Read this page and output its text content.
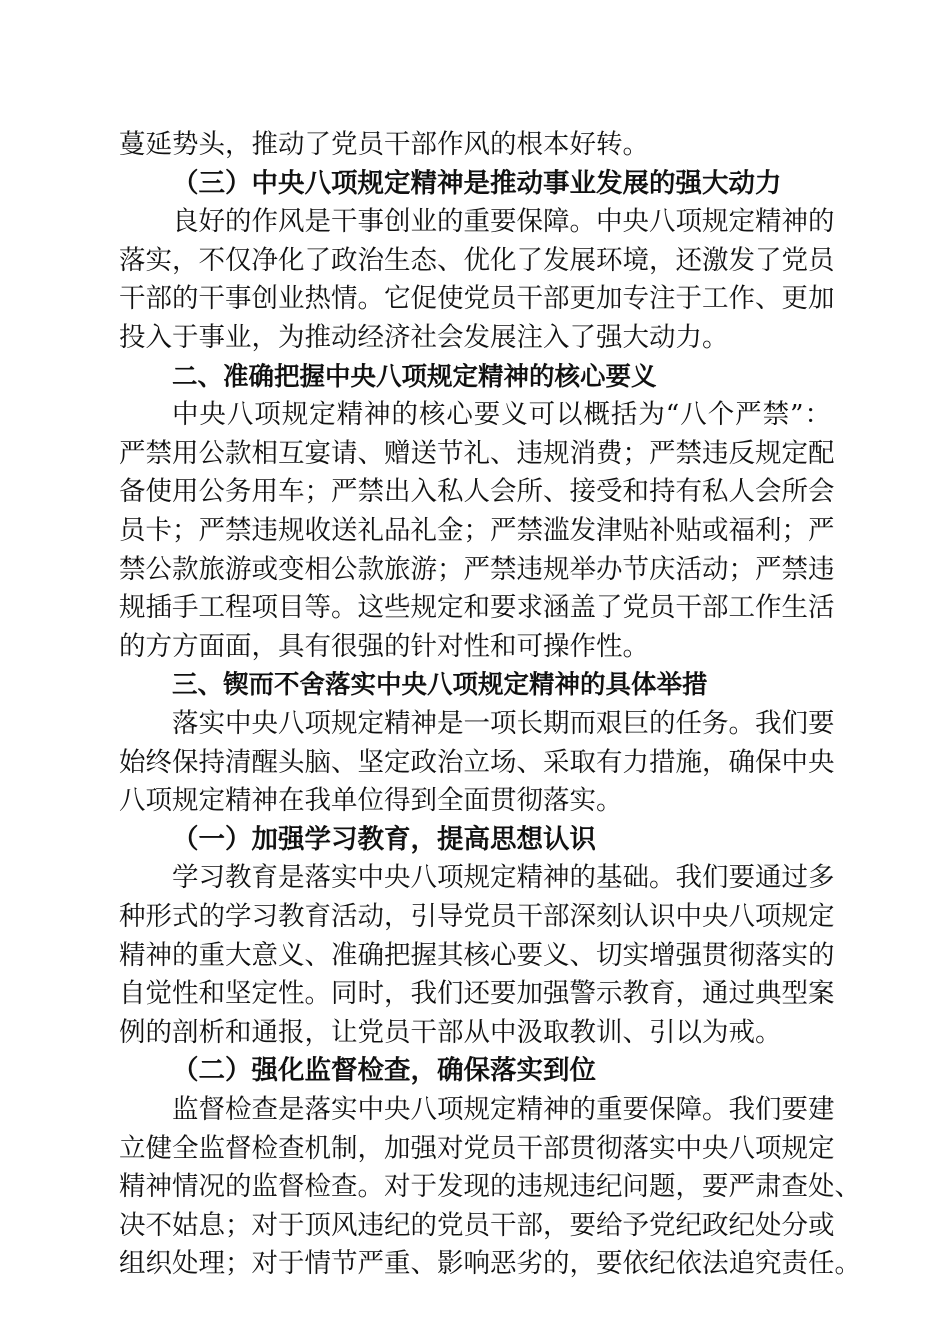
蔓延势头，推动了党员干部作风的根本好转。
（三）中央八项规定精神是推动事业发展的强大动力
良好的作风是干事创业的重要保障。中央八项规定精神的
落实，不仅净化了政治生态、优化了发展环境，还激发了党员
干部的干事创业热情。它促使党员干部更加专注于工作、更加
投入于事业，为推动经济社会发展注入了强大动力。
二、准确把握中央八项规定精神的核心要义
中央八项规定精神的核心要义可以概括为“八个严禁”：
严禁用公款相互宴请、赠送节礼、违规消费；严禁违反规定配
备使用公务用车；严禁出入私人会所、接受和持有私人会所会
员卡；严禁违规收送礼品礼金；严禁滥发津贴补贴或福利；严
禁公款旅游或变相公款旅游；严禁违规举办节庆活动；严禁违
规插手工程项目等。这些规定和要求涵盖了党员干部工作生活
的方方面面，具有很强的针对性和可操作性。
三、锲而不舍落实中央八项规定精神的具体举措
落实中央八项规定精神是一项长期而艰巨的任务。我们要
始终保持清醒头脑、坚定政治立场、采取有力措施，确保中央
八项规定精神在我单位得到全面贯彻落实。
（一）加强学习教育，提高思想认识
学习教育是落实中央八项规定精神的基础。我们要通过多
种形式的学习教育活动，引导党员干部深刻认识中央八项规定
精神的重大意义、准确把握其核心要义、切实增强贯彻落实的
自觉性和坚定性。同时，我们还要加强警示教育，通过典型案
例的剖析和通报，让党员干部从中汲取教训、引以为戒。
（二）强化监督检查，确保落实到位
监督检查是落实中央八项规定精神的重要保障。我们要建
立健全监督检查机制，加强对党员干部贯彻落实中央八项规定
精神情况的监督检查。对于发现的违规违纪问题，要严肃查处、
决不姑息；对于顶风违纪的党员干部，要给予党纪政纪处分或
组织处理；对于情节严重、影响恶劣的，要依纪依法追究责任。
